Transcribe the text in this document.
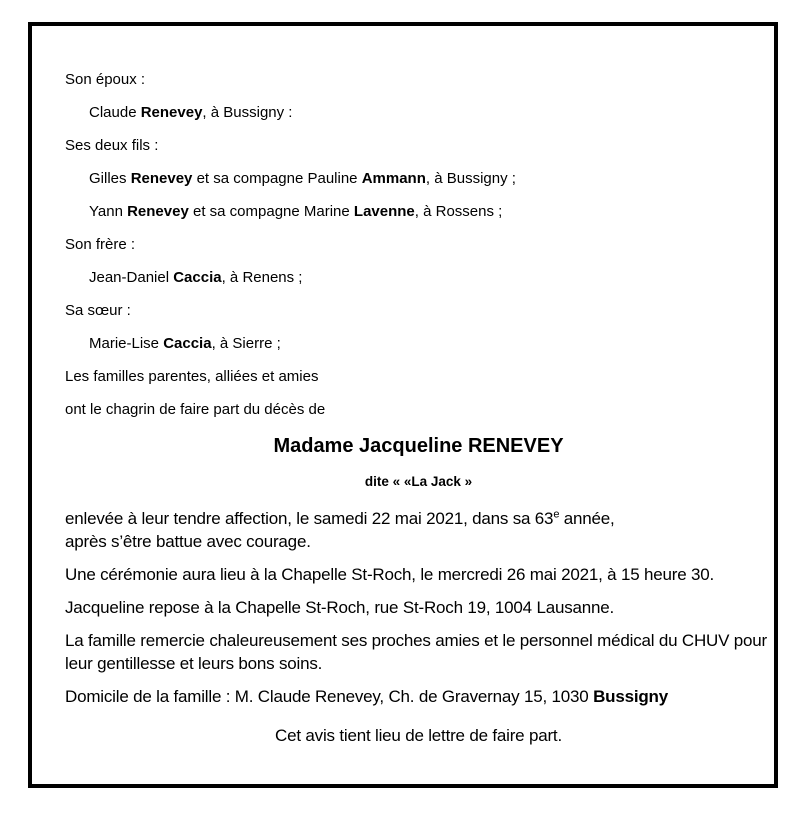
Son époux :
Claude Renevey, à Bussigny :
Ses deux fils :
Gilles Renevey et sa compagne Pauline Ammann, à Bussigny ;
Yann Renevey et sa compagne Marine Lavenne, à Rossens ;
Son frère :
Jean-Daniel Caccia, à Renens ;
Sa sœur :
Marie-Lise Caccia, à Sierre ;
Les familles parentes, alliées et amies
ont le chagrin de faire part du décès de
Madame Jacqueline RENEVEY
dite « «La Jack »

enlevée à leur tendre affection, le samedi 22 mai 2021, dans sa 63e année,
après s’être battue avec courage.

Une cérémonie aura lieu à la Chapelle St-Roch, le mercredi 26 mai 2021, à 15 heure 30.

Jacqueline repose à la Chapelle St-Roch, rue St-Roch 19, 1004 Lausanne.

La famille remercie chaleureusement ses proches amies et le personnel médical du CHUV pour leur gentillesse et leurs bons soins.

Domicile de la famille : M. Claude Renevey, Ch. de Gravernay 15, 1030 Bussigny

Cet avis tient lieu de lettre de faire part.
